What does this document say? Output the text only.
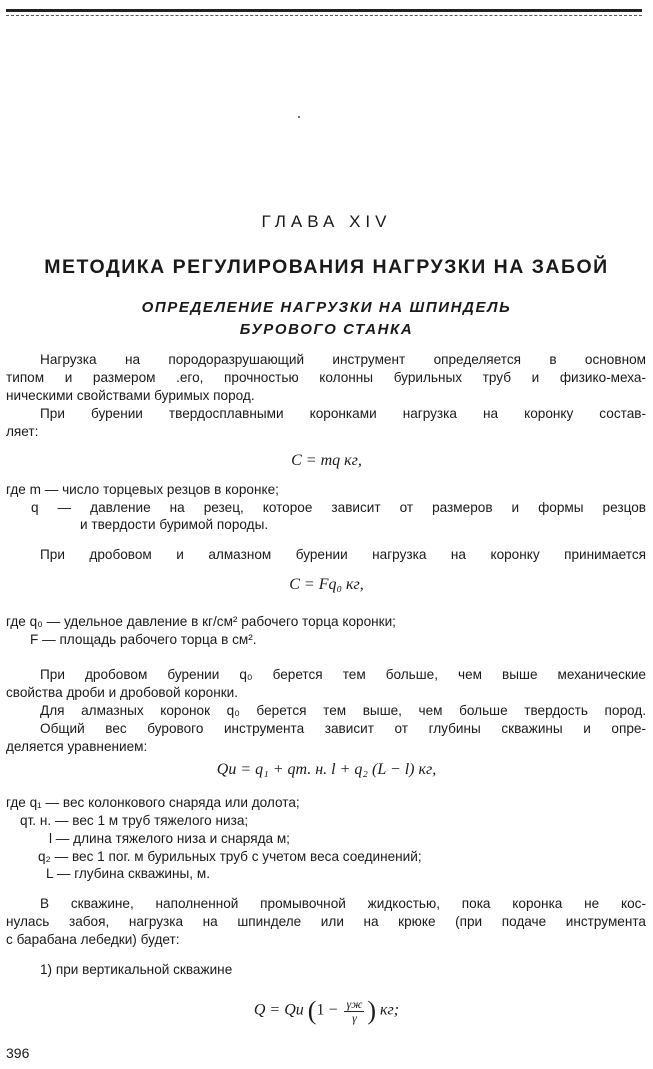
ГЛАВА XIV
МЕТОДИКА РЕГУЛИРОВАНИЯ НАГРУЗКИ НА ЗАБОЙ
ОПРЕДЕЛЕНИЕ НАГРУЗКИ НА ШПИНДЕЛЬ
БУРОВОГО СТАНКА
Нагрузка на породоразрушающий инструмент определяется в основном
типом и размером .его, прочностью колонны бурильных труб и физико-меха-
ническими свойствами буримых пород.
При бурении твердосплавными коронками нагрузка на коронку состав-
ляет:
C = mq кг,
где m — число торцевых резцов в коронке;
q — давление на резец, которое зависит от размеров и формы резцов
и твердости буримой породы.
При дробовом и алмазном бурении нагрузка на коронку принимается
C = Fq₀ кг,
где q₀ — удельное давление в кг/см² рабочего торца коронки;
F — площадь рабочего торца в см².
При дробовом бурении q₀ берется тем больше, чем выше механические
свойства дроби и дробовой коронки.
Для алмазных коронок q₀ берется тем выше, чем больше твердость пород.
Общий вес бурового инструмента зависит от глубины скважины и опре-
деляется уравнением:
Qи = q₁ + qт. н. l + q₂ (L − l) кг,
где q₁ — вес колонкового снаряда или долота;
qт. н. — вес 1 м труб тяжелого низа;
l — длина тяжелого низа и снаряда м;
q₂ — вес 1 пог. м бурильных труб с учетом веса соединений;
L — глубина скважины, м.
В скважине, наполненной промывочной жидкостью, пока коронка не кос-
нулась забоя, нагрузка на шпинделе или на крюке (при подаче инструмента
с барабана лебедки) будет:
1) при вертикальной скважине
Q = Qи ($1 - \frac{\gamma ж}{\gamma}$ ) кг;
396
